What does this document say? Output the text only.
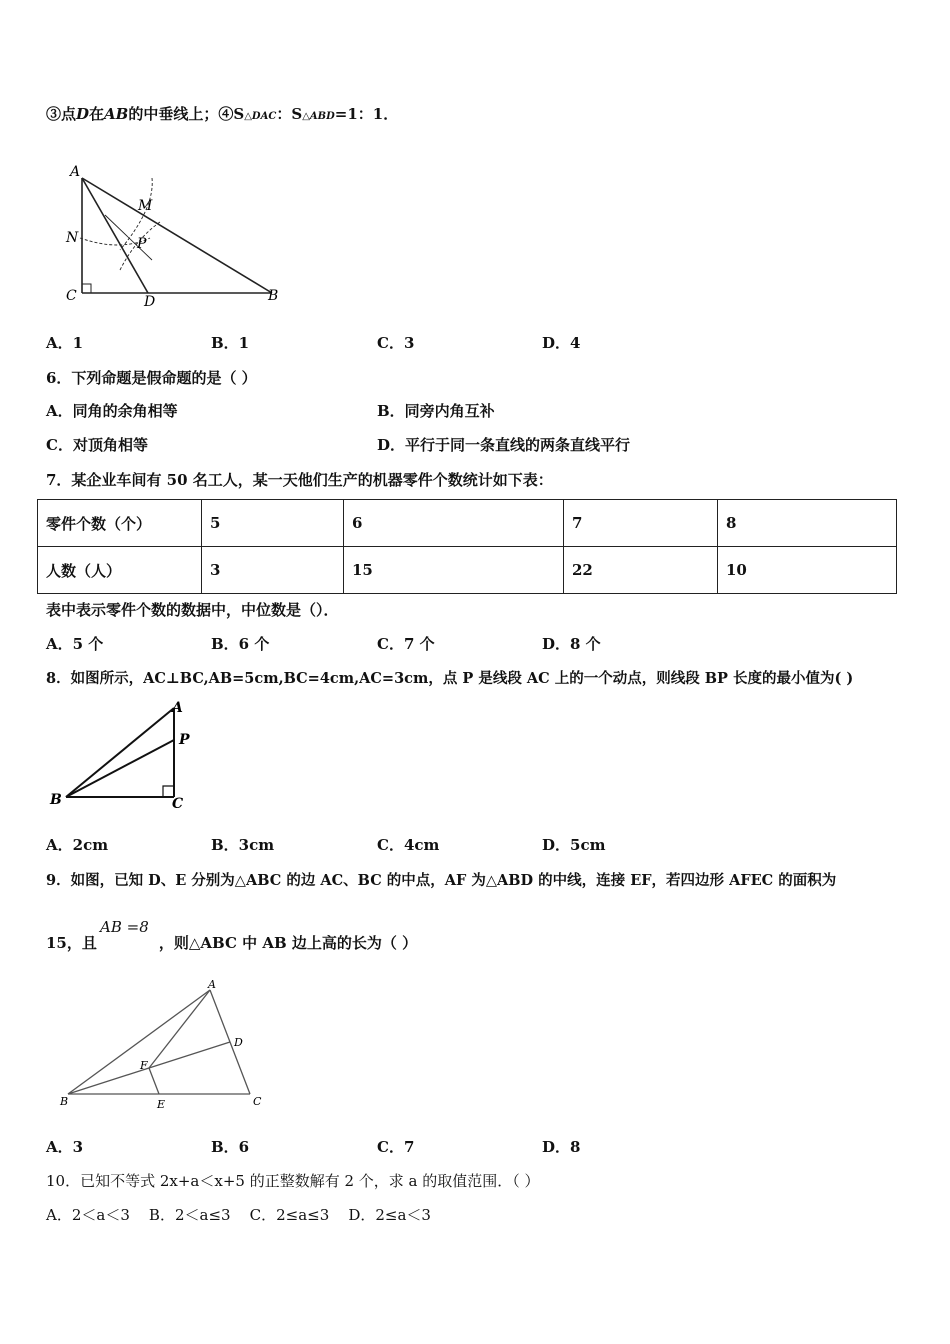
③点D在AB的中垂线上；④S△DAC：S△ABD=1：1．
A
M
N	P
C	D	B
A．1	B．1	C．3	D．4
6．下列命题是假命题的是（ ）
A．同角的余角相等	B．同旁内角互补
C．对顶角相等	D．平行于同一条直线的两条直线平行
7．某企业车间有 50 名工人，某一天他们生产的机器零件个数统计如下表：
零件个数（个）	5	6	7	8
人数（人）	3	15	22	10
表中表示零件个数的数据中，中位数是（）．
A．5 个	B．6 个	C．7 个	D．8 个
8．如图所示，AC⊥BC,AB=5cm,BC=4cm,AC=3cm，点 P 是线段 AC 上的一个动点，则线段 BP 长度的最小值为( )
A
P
B	C
A．2cm	B．3cm	C．4cm	D．5cm
9．如图，已知 D、E 分别为△ABC 的边 AC、BC 的中点，AF 为△ABD 的中线，连接 EF，若四边形 AFEC 的面积为
AB =8
15，且	，则△ABC 中 AB 边上高的长为（ ）
A
D
F
B	E	C
A．3	B．6	C．7	D．8
10．已知不等式 2x+a＜x+5 的正整数解有 2 个，求 a 的取值范围．（ ）
A．2＜a＜3    B．2＜a≤3    C．2≤a≤3    D．2≤a＜3
